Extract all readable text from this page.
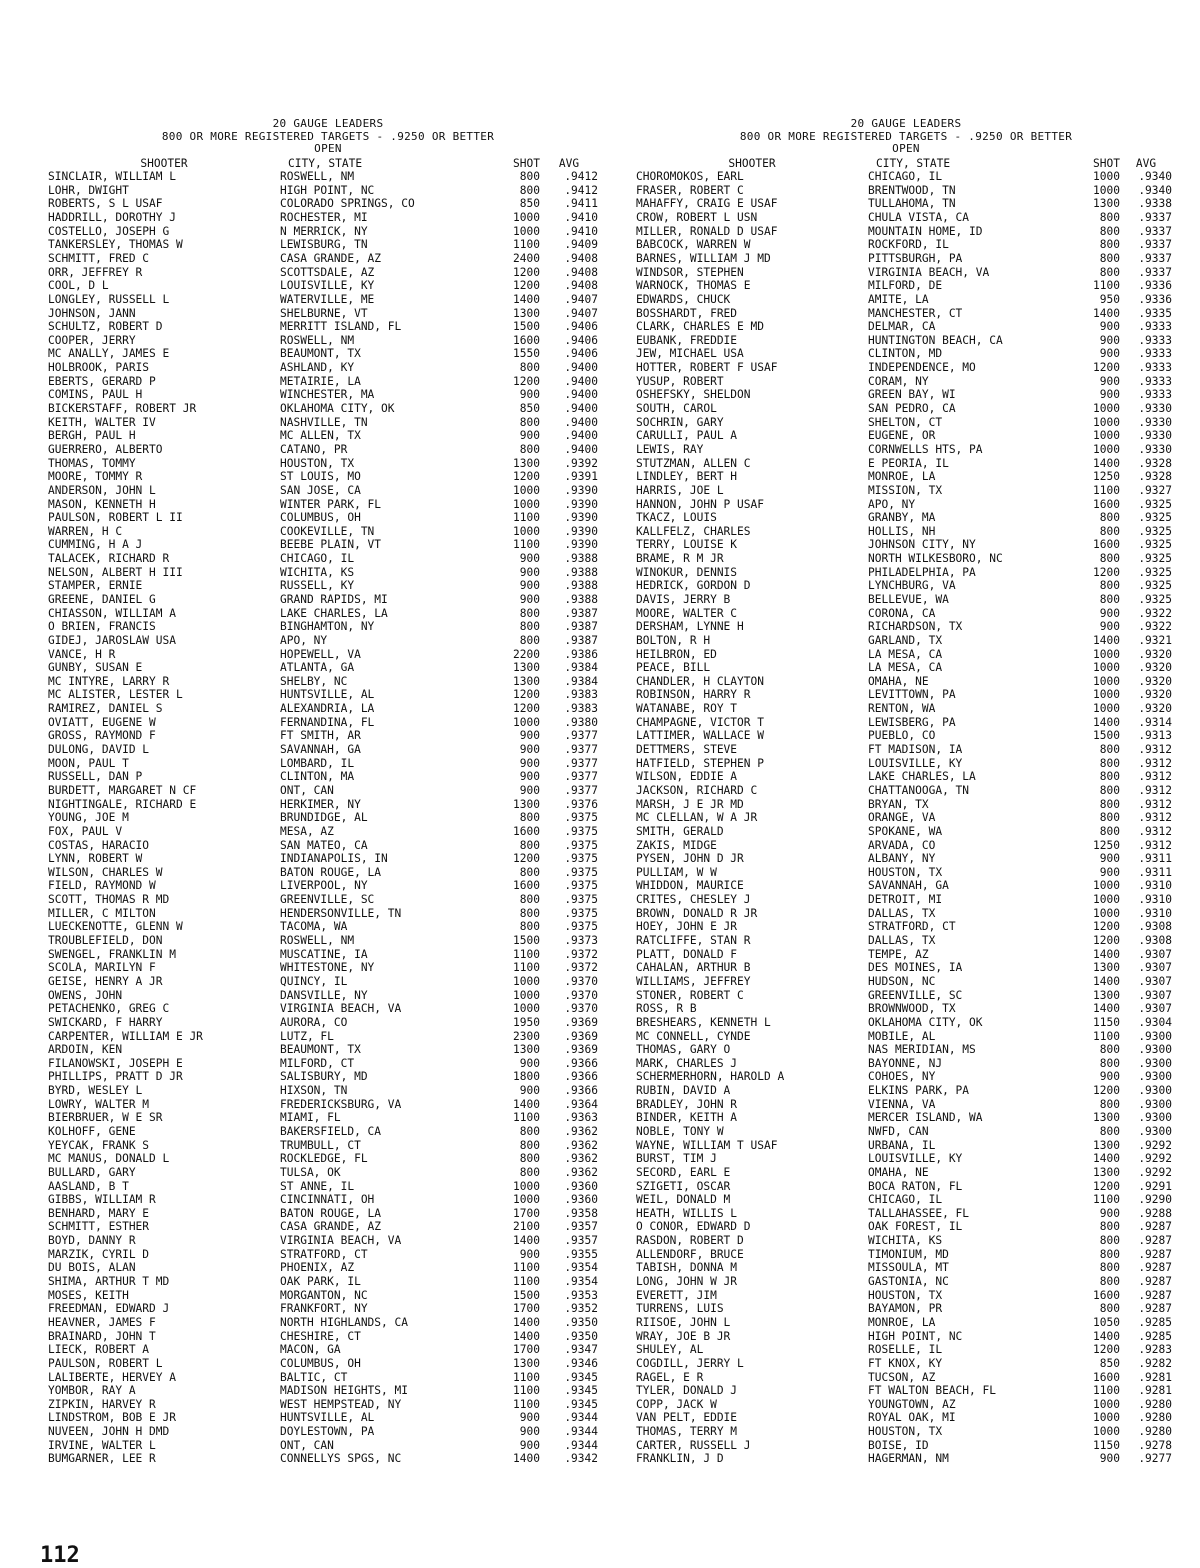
20 GAUGE LEADERS
800 OR MORE REGISTERED TARGETS - .9250 OR BETTER
OPEN
SHOOTER	CITY, STATE	SHOT	AVG
SINCLAIR, WILLIAM L	ROSWELL, NM	800	.9412
LOHR, DWIGHT	HIGH POINT, NC	800	.9412
ROBERTS, S L USAF	COLORADO SPRINGS, CO	850	.9411
HADDRILL, DOROTHY J	ROCHESTER, MI	1000	.9410
COSTELLO, JOSEPH G	N MERRICK, NY	1000	.9410
TANKERSLEY, THOMAS W	LEWISBURG, TN	1100	.9409
SCHMITT, FRED C	CASA GRANDE, AZ	2400	.9408
ORR, JEFFREY R	SCOTTSDALE, AZ	1200	.9408
COOL, D L	LOUISVILLE, KY	1200	.9408
LONGLEY, RUSSELL L	WATERVILLE, ME	1400	.9407
JOHNSON, JANN	SHELBURNE, VT	1300	.9407
SCHULTZ, ROBERT D	MERRITT ISLAND, FL	1500	.9406
COOPER, JERRY	ROSWELL, NM	1600	.9406
MC ANALLY, JAMES E	BEAUMONT, TX	1550	.9406
HOLBROOK, PARIS	ASHLAND, KY	800	.9400
EBERTS, GERARD P	METAIRIE, LA	1200	.9400
COMINS, PAUL H	WINCHESTER, MA	900	.9400
BICKERSTAFF, ROBERT JR	OKLAHOMA CITY, OK	850	.9400
KEITH, WALTER IV	NASHVILLE, TN	800	.9400
BERGH, PAUL H	MC ALLEN, TX	900	.9400
GUERRERO, ALBERTO	CATANO, PR	800	.9400
THOMAS, TOMMY	HOUSTON, TX	1300	.9392
MOORE, TOMMY R	ST LOUIS, MO	1200	.9391
ANDERSON, JOHN L	SAN JOSE, CA	1000	.9390
MASON, KENNETH H	WINTER PARK, FL	1000	.9390
PAULSON, ROBERT L II	COLUMBUS, OH	1100	.9390
WARREN, H C	COOKEVILLE, TN	1000	.9390
CUMMING, H A J	BEEBE PLAIN, VT	1100	.9390
TALACEK, RICHARD R	CHICAGO, IL	900	.9388
NELSON, ALBERT H III	WICHITA, KS	900	.9388
STAMPER, ERNIE	RUSSELL, KY	900	.9388
GREENE, DANIEL G	GRAND RAPIDS, MI	900	.9388
CHIASSON, WILLIAM A	LAKE CHARLES, LA	800	.9387
O BRIEN, FRANCIS	BINGHAMTON, NY	800	.9387
GIDEJ, JAROSLAW USA	APO, NY	800	.9387
VANCE, H R	HOPEWELL, VA	2200	.9386
GUNBY, SUSAN E	ATLANTA, GA	1300	.9384
MC INTYRE, LARRY R	SHELBY, NC	1300	.9384
MC ALISTER, LESTER L	HUNTSVILLE, AL	1200	.9383
RAMIREZ, DANIEL S	ALEXANDRIA, LA	1200	.9383
OVIATT, EUGENE W	FERNANDINA, FL	1000	.9380
GROSS, RAYMOND F	FT SMITH, AR	900	.9377
DULONG, DAVID L	SAVANNAH, GA	900	.9377
MOON, PAUL T	LOMBARD, IL	900	.9377
RUSSELL, DAN P	CLINTON, MA	900	.9377
BURDETT, MARGARET N CF	ONT, CAN	900	.9377
NIGHTINGALE, RICHARD E	HERKIMER, NY	1300	.9376
YOUNG, JOE M	BRUNDIDGE, AL	800	.9375
FOX, PAUL V	MESA, AZ	1600	.9375
COSTAS, HARACIO	SAN MATEO, CA	800	.9375
LYNN, ROBERT W	INDIANAPOLIS, IN	1200	.9375
WILSON, CHARLES W	BATON ROUGE, LA	800	.9375
FIELD, RAYMOND W	LIVERPOOL, NY	1600	.9375
SCOTT, THOMAS R MD	GREENVILLE, SC	800	.9375
MILLER, C MILTON	HENDERSONVILLE, TN	800	.9375
LUECKENOTTE, GLENN W	TACOMA, WA	800	.9375
TROUBLEFIELD, DON	ROSWELL, NM	1500	.9373
SWENGEL, FRANKLIN M	MUSCATINE, IA	1100	.9372
SCOLA, MARILYN F	WHITESTONE, NY	1100	.9372
GEISE, HENRY A JR	QUINCY, IL	1000	.9370
OWENS, JOHN	DANSVILLE, NY	1000	.9370
PETACHENKO, GREG C	VIRGINIA BEACH, VA	1000	.9370
SWICKARD, F HARRY	AURORA, CO	1950	.9369
CARPENTER, WILLIAM E JR	LUTZ, FL	2300	.9369
ARDOIN, KEN	BEAUMONT, TX	1300	.9369
FILANOWSKI, JOSEPH E	MILFORD, CT	900	.9366
PHILLIPS, PRATT D JR	SALISBURY, MD	1800	.9366
BYRD, WESLEY L	HIXSON, TN	900	.9366
LOWRY, WALTER M	FREDERICKSBURG, VA	1400	.9364
BIERBRUER, W E SR	MIAMI, FL	1100	.9363
KOLHOFF, GENE	BAKERSFIELD, CA	800	.9362
YEYCAK, FRANK S	TRUMBULL, CT	800	.9362
MC MANUS, DONALD L	ROCKLEDGE, FL	800	.9362
BULLARD, GARY	TULSA, OK	800	.9362
AASLAND, B T	ST ANNE, IL	1000	.9360
GIBBS, WILLIAM R	CINCINNATI, OH	1000	.9360
BENHARD, MARY E	BATON ROUGE, LA	1700	.9358
SCHMITT, ESTHER	CASA GRANDE, AZ	2100	.9357
BOYD, DANNY R	VIRGINIA BEACH, VA	1400	.9357
MARZIK, CYRIL D	STRATFORD, CT	900	.9355
DU BOIS, ALAN	PHOENIX, AZ	1100	.9354
SHIMA, ARTHUR T MD	OAK PARK, IL	1100	.9354
MOSES, KEITH	MORGANTON, NC	1500	.9353
FREEDMAN, EDWARD J	FRANKFORT, NY	1700	.9352
HEAVNER, JAMES F	NORTH HIGHLANDS, CA	1400	.9350
BRAINARD, JOHN T	CHESHIRE, CT	1400	.9350
LIECK, ROBERT A	MACON, GA	1700	.9347
PAULSON, ROBERT L	COLUMBUS, OH	1300	.9346
LALIBERTE, HERVEY A	BALTIC, CT	1100	.9345
YOMBOR, RAY A	MADISON HEIGHTS, MI	1100	.9345
ZIPKIN, HARVEY R	WEST HEMPSTEAD, NY	1100	.9345
LINDSTROM, BOB E JR	HUNTSVILLE, AL	900	.9344
NUVEEN, JOHN H DMD	DOYLESTOWN, PA	900	.9344
IRVINE, WALTER L	ONT, CAN	900	.9344
BUMGARNER, LEE R	CONNELLYS SPGS, NC	1400	.9342
20 GAUGE LEADERS
800 OR MORE REGISTERED TARGETS - .9250 OR BETTER
OPEN
SHOOTER	CITY, STATE	SHOT	AVG
CHOROMOKOS, EARL	CHICAGO, IL	1000	.9340
FRASER, ROBERT C	BRENTWOOD, TN	1000	.9340
MAHAFFY, CRAIG E USAF	TULLAHOMA, TN	1300	.9338
CROW, ROBERT L USN	CHULA VISTA, CA	800	.9337
MILLER, RONALD D USAF	MOUNTAIN HOME, ID	800	.9337
BABCOCK, WARREN W	ROCKFORD, IL	800	.9337
BARNES, WILLIAM J MD	PITTSBURGH, PA	800	.9337
WINDSOR, STEPHEN	VIRGINIA BEACH, VA	800	.9337
WARNOCK, THOMAS E	MILFORD, DE	1100	.9336
EDWARDS, CHUCK	AMITE, LA	950	.9336
BOSSHARDT, FRED	MANCHESTER, CT	1400	.9335
CLARK, CHARLES E MD	DELMAR, CA	900	.9333
EUBANK, FREDDIE	HUNTINGTON BEACH, CA	900	.9333
JEW, MICHAEL USA	CLINTON, MD	900	.9333
HOTTER, ROBERT F USAF	INDEPENDENCE, MO	1200	.9333
YUSUP, ROBERT	CORAM, NY	900	.9333
OSHEFSKY, SHELDON	GREEN BAY, WI	900	.9333
SOUTH, CAROL	SAN PEDRO, CA	1000	.9330
SOCHRIN, GARY	SHELTON, CT	1000	.9330
CARULLI, PAUL A	EUGENE, OR	1000	.9330
LEWIS, RAY	CORNWELLS HTS, PA	1000	.9330
STUTZMAN, ALLEN C	E PEORIA, IL	1400	.9328
LINDLEY, BERT H	MONROE, LA	1250	.9328
HARRIS, JOE L	MISSION, TX	1100	.9327
HANNON, JOHN P USAF	APO, NY	1600	.9325
TKACZ, LOUIS	GRANBY, MA	800	.9325
KALLFELZ, CHARLES	HOLLIS, NH	800	.9325
TERRY, LOUISE K	JOHNSON CITY, NY	1600	.9325
BRAME, R M JR	NORTH WILKESBORO, NC	800	.9325
WINOKUR, DENNIS	PHILADELPHIA, PA	1200	.9325
HEDRICK, GORDON D	LYNCHBURG, VA	800	.9325
DAVIS, JERRY B	BELLEVUE, WA	800	.9325
MOORE, WALTER C	CORONA, CA	900	.9322
DERSHAM, LYNNE H	RICHARDSON, TX	900	.9322
BOLTON, R H	GARLAND, TX	1400	.9321
HEILBRON, ED	LA MESA, CA	1000	.9320
PEACE, BILL	LA MESA, CA	1000	.9320
CHANDLER, H CLAYTON	OMAHA, NE	1000	.9320
ROBINSON, HARRY R	LEVITTOWN, PA	1000	.9320
WATANABE, ROY T	RENTON, WA	1000	.9320
CHAMPAGNE, VICTOR T	LEWISBERG, PA	1400	.9314
LATTIMER, WALLACE W	PUEBLO, CO	1500	.9313
DETTMERS, STEVE	FT MADISON, IA	800	.9312
HATFIELD, STEPHEN P	LOUISVILLE, KY	800	.9312
WILSON, EDDIE A	LAKE CHARLES, LA	800	.9312
JACKSON, RICHARD C	CHATTANOOGA, TN	800	.9312
MARSH, J E JR MD	BRYAN, TX	800	.9312
MC CLELLAN, W A JR	ORANGE, VA	800	.9312
SMITH, GERALD	SPOKANE, WA	800	.9312
ZAKIS, MIDGE	ARVADA, CO	1250	.9312
PYSEN, JOHN D JR	ALBANY, NY	900	.9311
PULLIAM, W W	HOUSTON, TX	900	.9311
WHIDDON, MAURICE	SAVANNAH, GA	1000	.9310
CRITES, CHESLEY J	DETROIT, MI	1000	.9310
BROWN, DONALD R JR	DALLAS, TX	1000	.9310
HOEY, JOHN E JR	STRATFORD, CT	1200	.9308
RATCLIFFE, STAN R	DALLAS, TX	1200	.9308
PLATT, DONALD F	TEMPE, AZ	1400	.9307
CAHALAN, ARTHUR B	DES MOINES, IA	1300	.9307
WILLIAMS, JEFFREY	HUDSON, NC	1400	.9307
STONER, ROBERT C	GREENVILLE, SC	1300	.9307
ROSS, R B	BROWNWOOD, TX	1400	.9307
BRESHEARS, KENNETH L	OKLAHOMA CITY, OK	1150	.9304
MC CONNELL, CYNDE	MOBILE, AL	1100	.9300
THOMAS, GARY O	NAS MERIDIAN, MS	800	.9300
MARK, CHARLES J	BAYONNE, NJ	800	.9300
SCHERMERHORN, HAROLD A	COHOES, NY	900	.9300
RUBIN, DAVID A	ELKINS PARK, PA	1200	.9300
BRADLEY, JOHN R	VIENNA, VA	800	.9300
BINDER, KEITH A	MERCER ISLAND, WA	1300	.9300
NOBLE, TONY W	NWFD, CAN	800	.9300
WAYNE, WILLIAM T USAF	URBANA, IL	1300	.9292
BURST, TIM J	LOUISVILLE, KY	1400	.9292
SECORD, EARL E	OMAHA, NE	1300	.9292
SZIGETI, OSCAR	BOCA RATON, FL	1200	.9291
WEIL, DONALD M	CHICAGO, IL	1100	.9290
HEATH, WILLIS L	TALLAHASSEE, FL	900	.9288
O CONOR, EDWARD D	OAK FOREST, IL	800	.9287
RASDON, ROBERT D	WICHITA, KS	800	.9287
ALLENDORF, BRUCE	TIMONIUM, MD	800	.9287
TABISH, DONNA M	MISSOULA, MT	800	.9287
LONG, JOHN W JR	GASTONIA, NC	800	.9287
EVERETT, JIM	HOUSTON, TX	1600	.9287
TURRENS, LUIS	BAYAMON, PR	800	.9287
RIISOE, JOHN L	MONROE, LA	1050	.9285
WRAY, JOE B JR	HIGH POINT, NC	1400	.9285
SHULEY, AL	ROSELLE, IL	1200	.9283
COGDILL, JERRY L	FT KNOX, KY	850	.9282
RAGEL, E R	TUCSON, AZ	1600	.9281
TYLER, DONALD J	FT WALTON BEACH, FL	1100	.9281
COPP, JACK W	YOUNGTOWN, AZ	1000	.9280
VAN PELT, EDDIE	ROYAL OAK, MI	1000	.9280
THOMAS, TERRY M	HOUSTON, TX	1000	.9280
CARTER, RUSSELL J	BOISE, ID	1150	.9278
FRANKLIN, J D	HAGERMAN, NM	900	.9277
112
